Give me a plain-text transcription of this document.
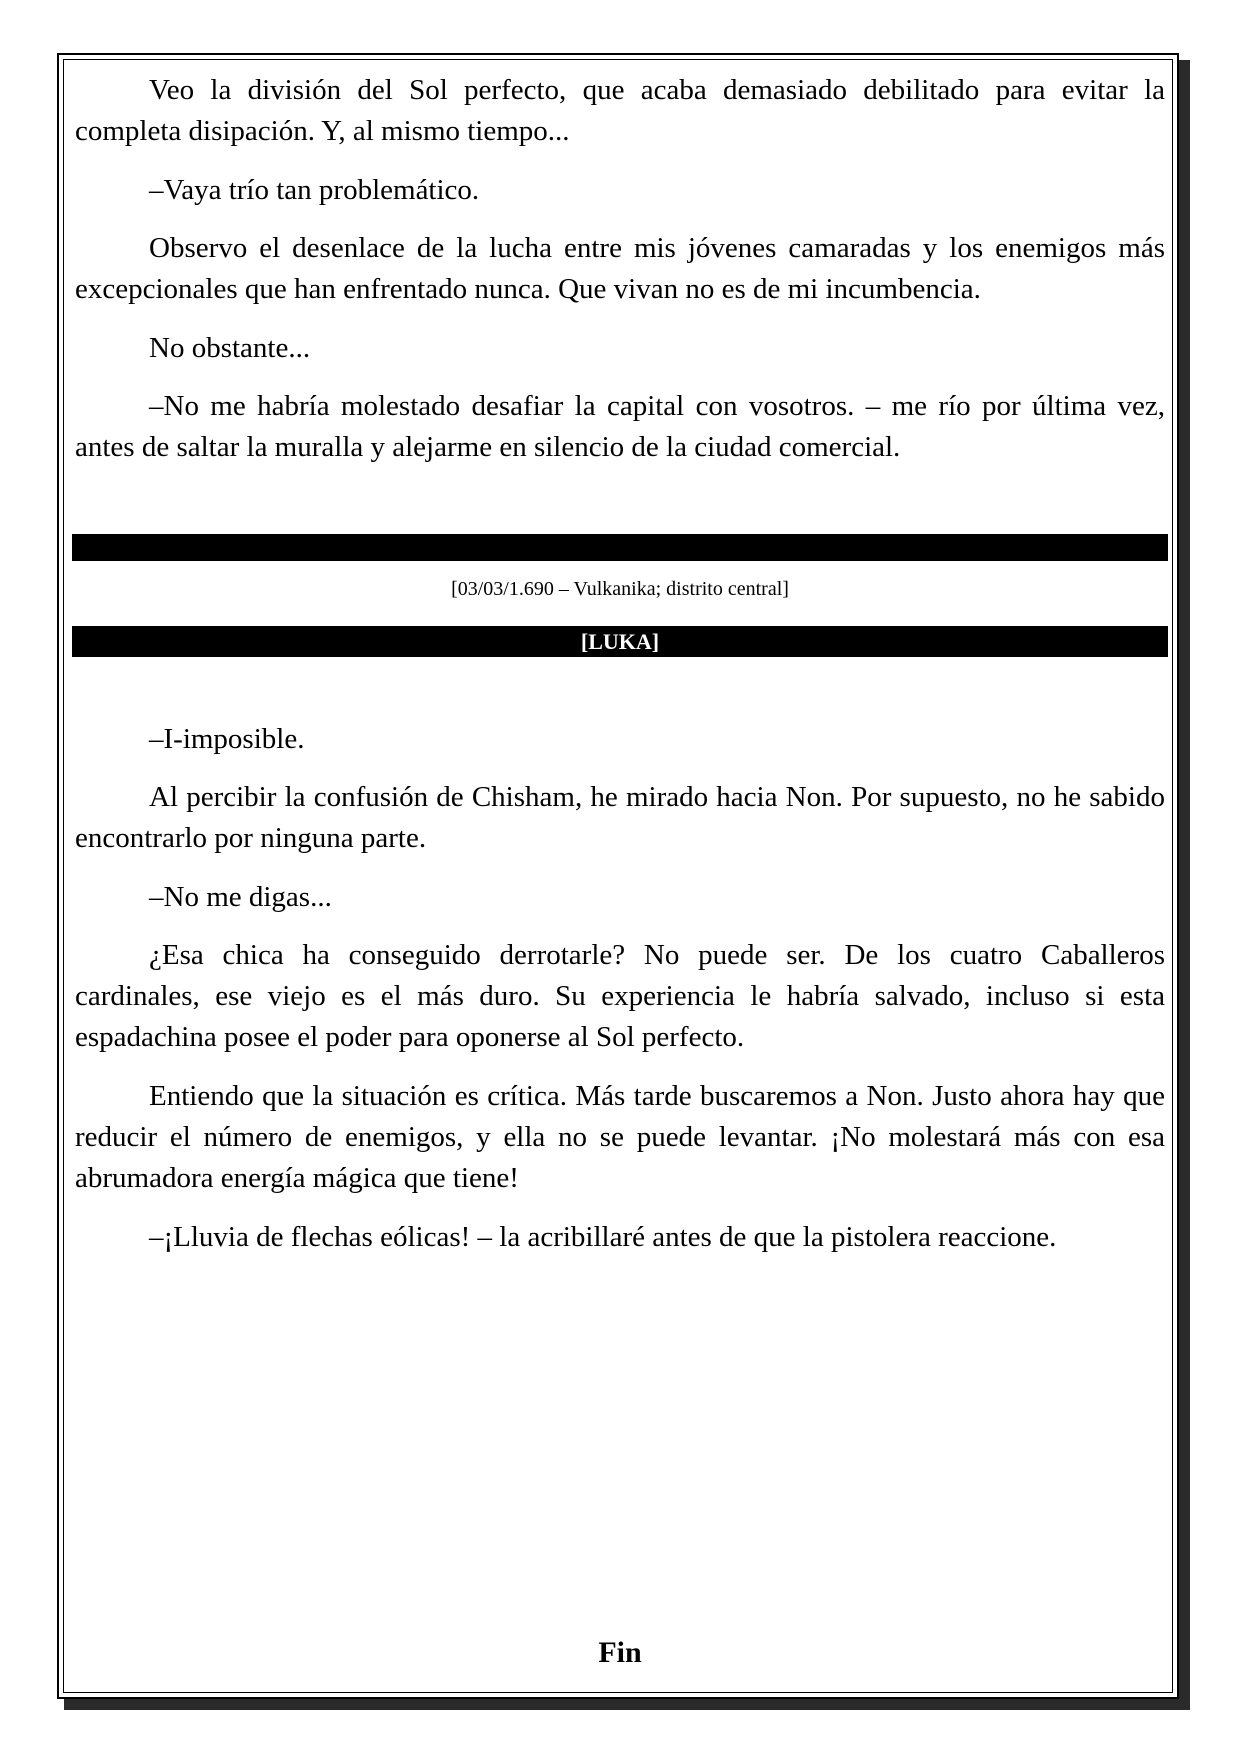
Veo la división del Sol perfecto, que acaba demasiado debilitado para evitar la completa disipación. Y, al mismo tiempo...

–Vaya trío tan problemático.

Observo el desenlace de la lucha entre mis jóvenes camaradas y los enemigos más excepcionales que han enfrentado nunca. Que vivan no es de mi incumbencia.

No obstante...

–No me habría molestado desafiar la capital con vosotros. – me río por última vez, antes de saltar la muralla y alejarme en silencio de la ciudad comercial.

[03/03/1.690 – Vulkanika; distrito central]
[LUKA]

–I-imposible.

Al percibir la confusión de Chisham, he mirado hacia Non. Por supuesto, no he sabido encontrarlo por ninguna parte.

–No me digas...

¿Esa chica ha conseguido derrotarle? No puede ser. De los cuatro Caballeros cardinales, ese viejo es el más duro. Su experiencia le habría salvado, incluso si esta espadachina posee el poder para oponerse al Sol perfecto.

Entiendo que la situación es crítica. Más tarde buscaremos a Non. Justo ahora hay que reducir el número de enemigos, y ella no se puede levantar. ¡No molestará más con esa abrumadora energía mágica que tiene!

–¡Lluvia de flechas eólicas! – la acribillaré antes de que la pistolera reaccione.

Fin
